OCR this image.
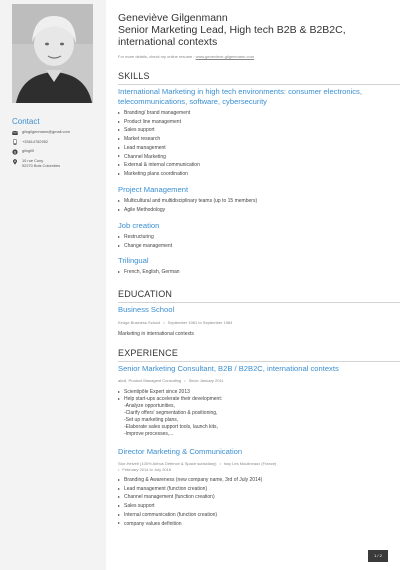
Contact
gilngilgenmann@gmail.com
+33614782952
S gilngil0
10 rue Cuny
92270 Bois Colombes
Geneviève Gilgenmann
Senior Marketing Lead, High tech B2B & B2B2C, international contexts
For more details, check my online resume : www.genevieve-gilgenmann.com
SKILLS
International Marketing in high tech environments: consumer electronics, telecommunications, software, cybersecurity
Branding/ brand management
Product line management
Sales support
Market research
Lead management
Channel Marketing
External & internal communication
Marketing plans coordination
Project Management
Multicultural and multidisciplinary teams (up to 15 members)
Agile Methodology
Job creation
Restructuring
Change management
Trilingual
French, English, German
EDUCATION
Business School
Kedge Business School • September 1981 to September 1984
Marketing in international contexts
EXPERIENCE
Senior Marketing Consultant, B2B / B2B2C, international contexts
akuil, Product Managent Consulting • Since January 2011
Scientipôle Expert since 2013
Help start-ups accelerate their development:
-Analyze opportunities,
-Clarify offers' segmentation & positioning,
-Set up marketing plans,
-Elaborate sales support tools, launch kits,
-Improve processes,...
Director Marketing & Communication
Stor-Helveti (100% Airbus Defence & Space subsidiary) • Issy Les Moulineaux (France)
• February 2014 to July 2016
Branding & Awareness (new company name, 3rd of July 2014)
Lead management (function creation)
Channel management (function creation)
Sales support
Internal communication (function creation)
company values definition
1 / 2
